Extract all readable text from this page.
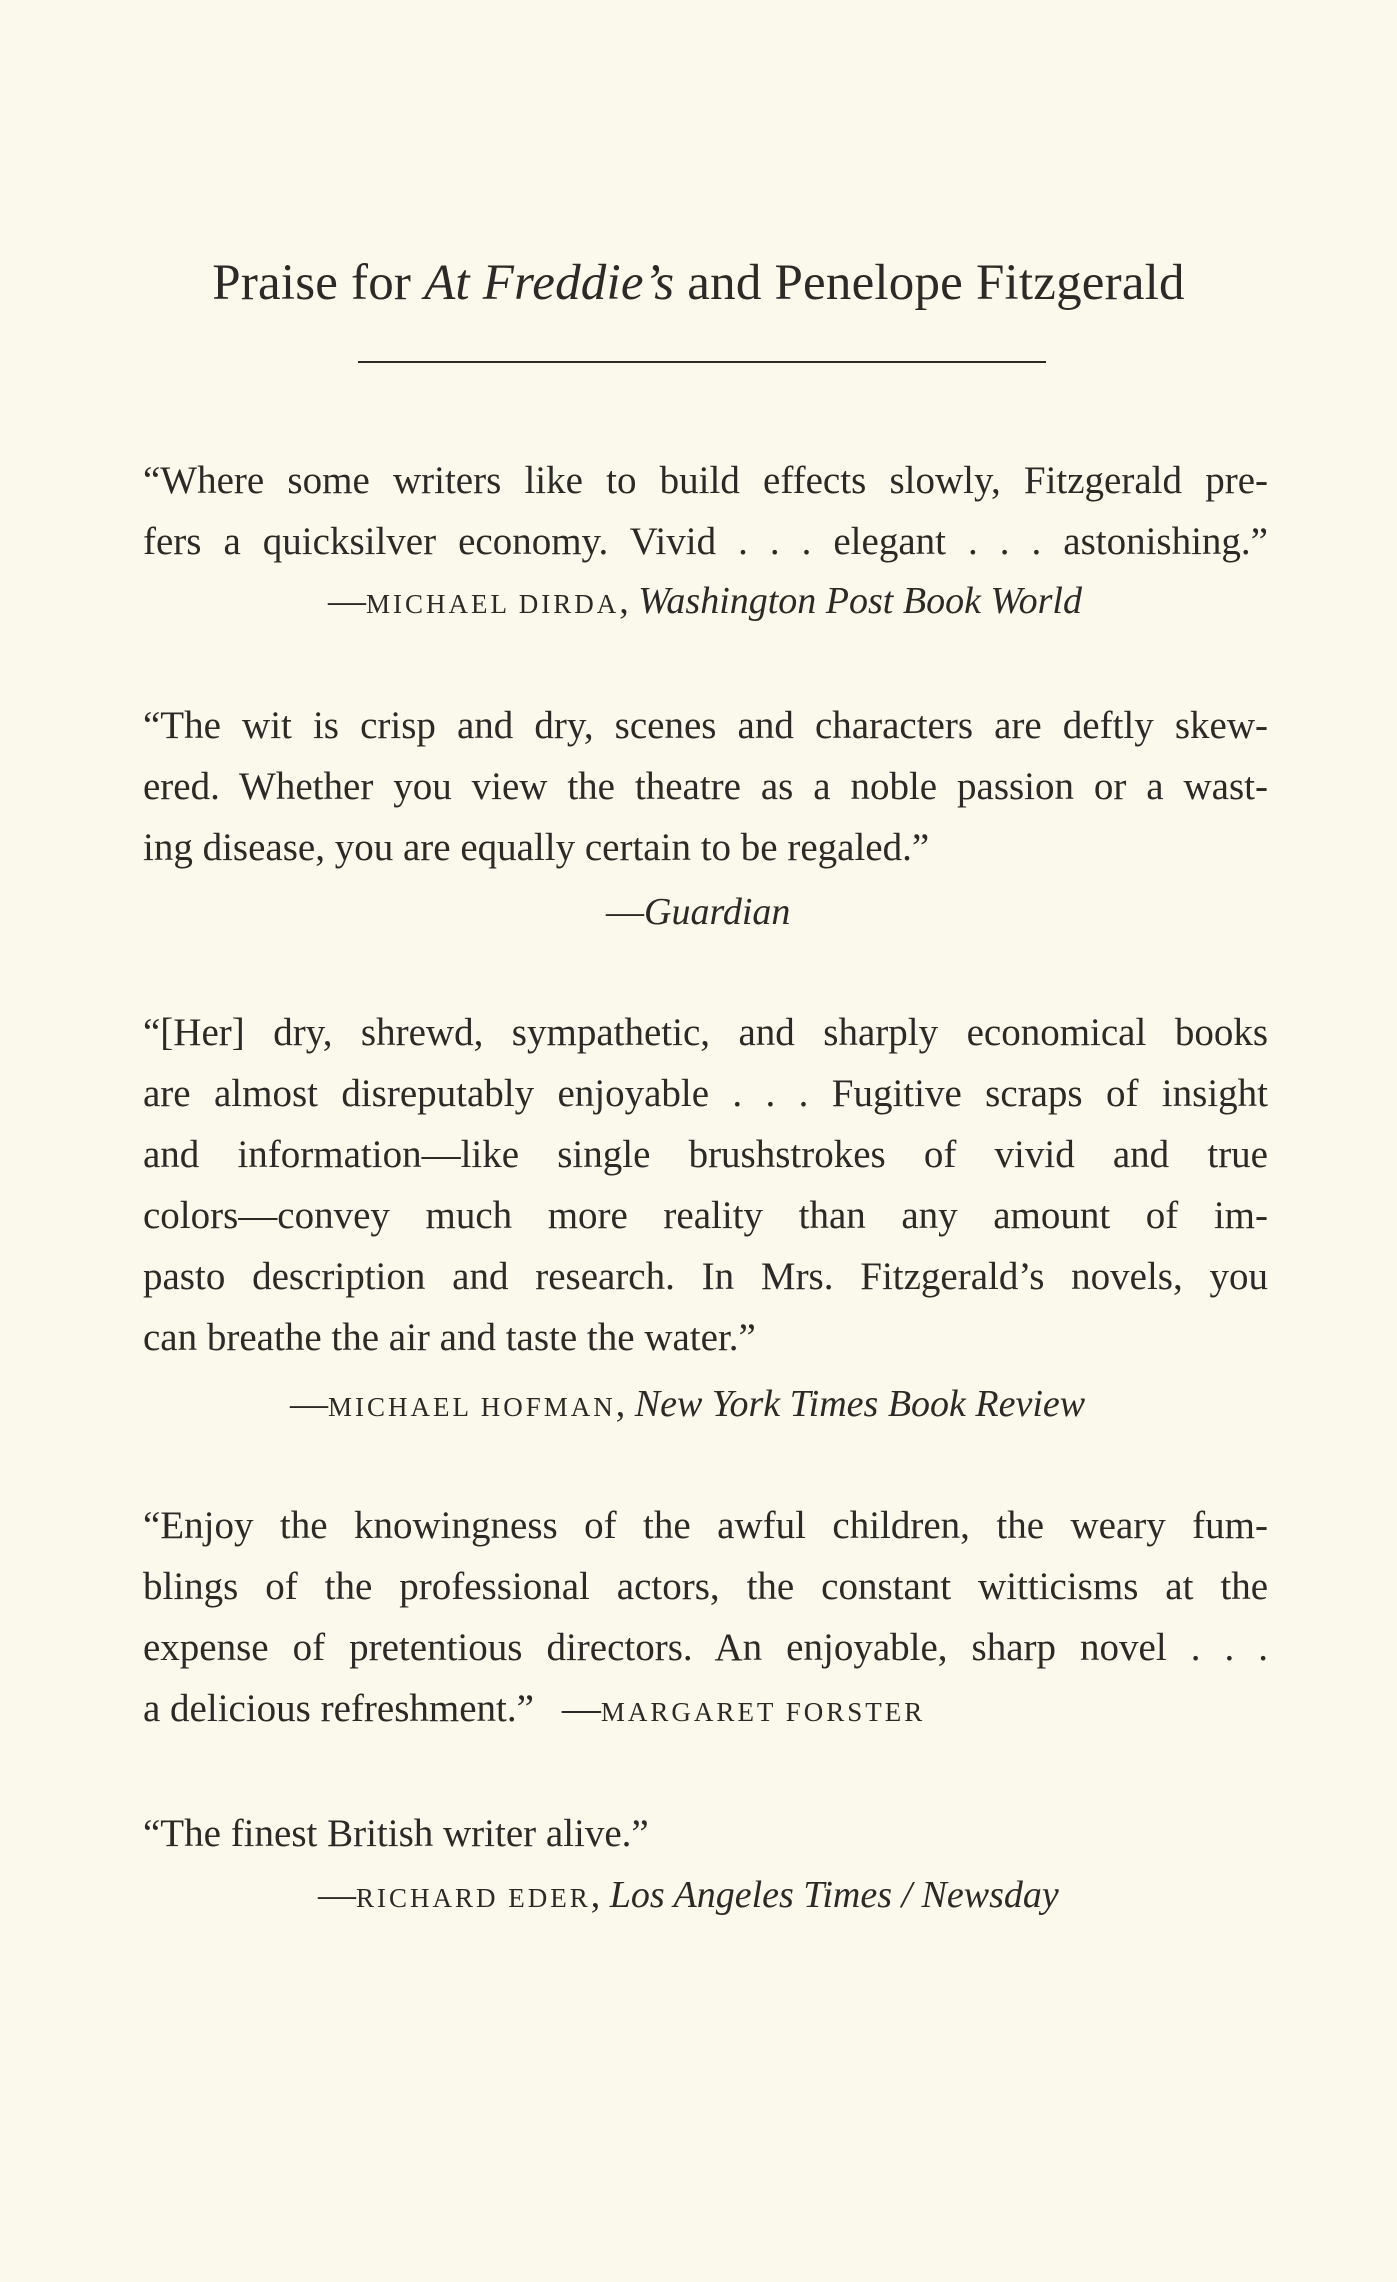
Praise for At Freddie’s and Penelope Fitzgerald

“Where some writers like to build effects slowly, Fitzgerald pre-
fers a quicksilver economy. Vivid . . . elegant . . . astonishing.”

—MICHAEL DIRDA, Washington Post Book World

“The wit is crisp and dry, scenes and characters are deftly skew-
ered. Whether you view the theatre as a noble passion or a wast-
ing disease, you are equally certain to be regaled.”

—Guardian

“[Her] dry, shrewd, sympathetic, and sharply economical books
are almost disreputably enjoyable . . . Fugitive scraps of insight
and information—like single brushstrokes of vivid and true
colors—convey much more reality than any amount of im-
pasto description and research. In Mrs. Fitzgerald’s novels, you
can breathe the air and taste the water.”

—MICHAEL HOFMAN, New York Times Book Review

“Enjoy the knowingness of the awful children, the weary fum-
blings of the professional actors, the constant witticisms at the
expense of pretentious directors. An enjoyable, sharp novel . . .
a delicious refreshment.” —MARGARET FORSTER

“The finest British writer alive.”

—RICHARD EDER, Los Angeles Times / Newsday
